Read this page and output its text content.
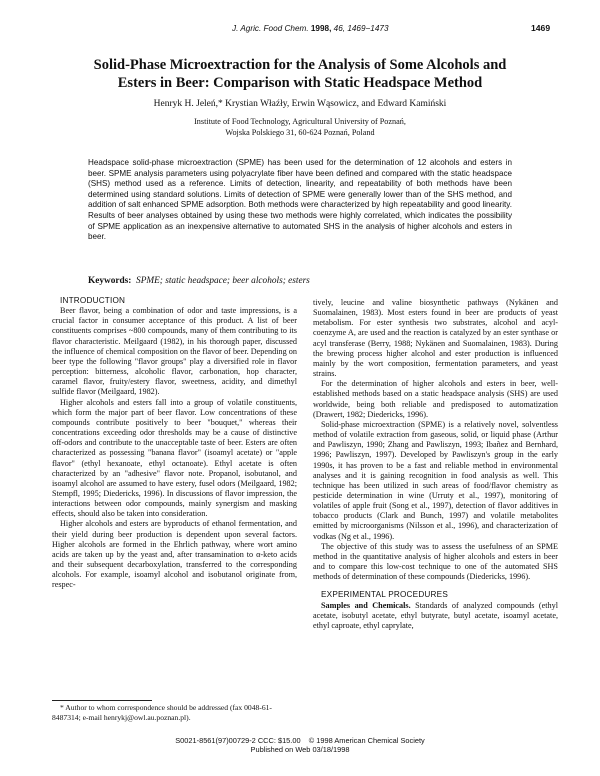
J. Agric. Food Chem. 1998, 46, 1469−1473	1469
Solid-Phase Microextraction for the Analysis of Some Alcohols and
Esters in Beer: Comparison with Static Headspace Method
Henryk H. Jeleń,* Krystian Właźły, Erwin Wąsowicz, and Edward Kamiński
Institute of Food Technology, Agricultural University of Poznań,
Wojska Polskiego 31, 60-624 Poznań, Poland
Headspace solid-phase microextraction (SPME) has been used for the determination of 12 alcohols and esters in beer. SPME analysis parameters using polyacrylate fiber have been defined and compared with the static headspace (SHS) method used as a reference. Limits of detection, linearity, and repeatability of both methods have been determined using standard solutions. Limits of detection of SPME were generally lower than of the SHS method, and addition of salt enhanced SPME adsorption. Both methods were characterized by high repeatability and good linearity. Results of beer analyses obtained by using these two methods were highly correlated, which indicates the possibility of SPME application as an inexpensive alternative to automated SHS in the analysis of higher alcohols and esters in beer.
Keywords: SPME; static headspace; beer alcohols; esters

INTRODUCTION

Beer flavor, being a combination of odor and taste impressions, is a crucial factor in consumer acceptance of this product. A list of beer constituents comprises ~800 compounds, many of them contributing to its flavor characteristic. Meilgaard (1982), in his thorough paper, discussed the influence of chemical composition on the flavor of beer. Depending on beer type the following "flavor groups" play a diversified role in flavor perception: bitterness, alcoholic flavor, carbonation, hop character, caramel flavor, fruity/estery flavor, sweetness, acidity, and dimethyl sulfide flavor (Meilgaard, 1982).

Higher alcohols and esters fall into a group of volatile constituents, which form the major part of beer flavor. Low concentrations of these compounds contribute positively to beer "bouquet," whereas their concentrations exceeding odor thresholds may be a cause of distinctive off-odors and contribute to the unacceptable taste of beer. Esters are often characterized as possessing "banana flavor" (isoamyl acetate) or "apple flavor" (ethyl hexanoate, ethyl octanoate). Ethyl acetate is often characterized by an "adhesive" flavor note. Propanol, isobutanol, and isoamyl alcohol are assumed to have estery, fusel odors (Meilgaard, 1982; Stempfl, 1995; Diedericks, 1996). In discussions of flavor impression, the interactions between odor compounds, mainly synergism and masking effects, should also be taken into consideration.

Higher alcohols and esters are byproducts of ethanol fermentation, and their yield during beer production is dependent upon several factors. Higher alcohols are formed in the Ehrlich pathway, where wort amino acids are taken up by the yeast and, after transamination to α-keto acids and their subsequent decarboxylation, transferred to the corresponding alcohols. For example, isoamyl alcohol and isobutanol originate from, respec-

tively, leucine and valine biosynthetic pathways (Nykänen and Suomalainen, 1983). Most esters found in beer are products of yeast metabolism. For ester synthesis two substrates, alcohol and acyl-coenzyme A, are used and the reaction is catalyzed by an ester synthase or acyl transferase (Berry, 1988; Nykänen and Suomalainen, 1983). During the brewing process higher alcohol and ester production is influenced mainly by the wort composition, fermentation parameters, and yeast strains.

For the determination of higher alcohols and esters in beer, well-established methods based on a static headspace analysis (SHS) are used worldwide, being both reliable and predisposed to automatization (Drawert, 1982; Diedericks, 1996).

Solid-phase microextraction (SPME) is a relatively novel, solventless method of volatile extraction from gaseous, solid, or liquid phase (Arthur and Pawliszyn, 1990; Zhang and Pawliszyn, 1993; Ibañez and Bernhard, 1996; Pawliszyn, 1997). Developed by Pawliszyn's group in the early 1990s, it has proven to be a fast and reliable method in environmental analyses and it is gaining recognition in food analysis as well. This technique has been utilized in such areas of food/flavor chemistry as pesticide determination in wine (Urruty et al., 1997), monitoring of volatiles of apple fruit (Song et al., 1997), detection of flavor additives in tobacco products (Clark and Bunch, 1997) and volatile metabolites emitted by microorganisms (Nilsson et al., 1996), and characterization of vodkas (Ng et al., 1996).

The objective of this study was to assess the usefulness of an SPME method in the quantitative analysis of higher alcohols and esters in beer and to compare this low-cost technique to one of the automated SHS methods of determination of these compounds (Diedericks, 1996).

EXPERIMENTAL PROCEDURES

Samples and Chemicals. Standards of analyzed compounds (ethyl acetate, isobutyl acetate, ethyl butyrate, butyl acetate, isoamyl acetate, ethyl caproate, ethyl caprylate,

* Author to whom correspondence should be addressed (fax 0048-61-8487314; e-mail henrykj@owl.au.poznan.pl).
S0021-8561(97)00729-2 CCC: $15.00    © 1998 American Chemical Society
Published on Web 03/18/1998
